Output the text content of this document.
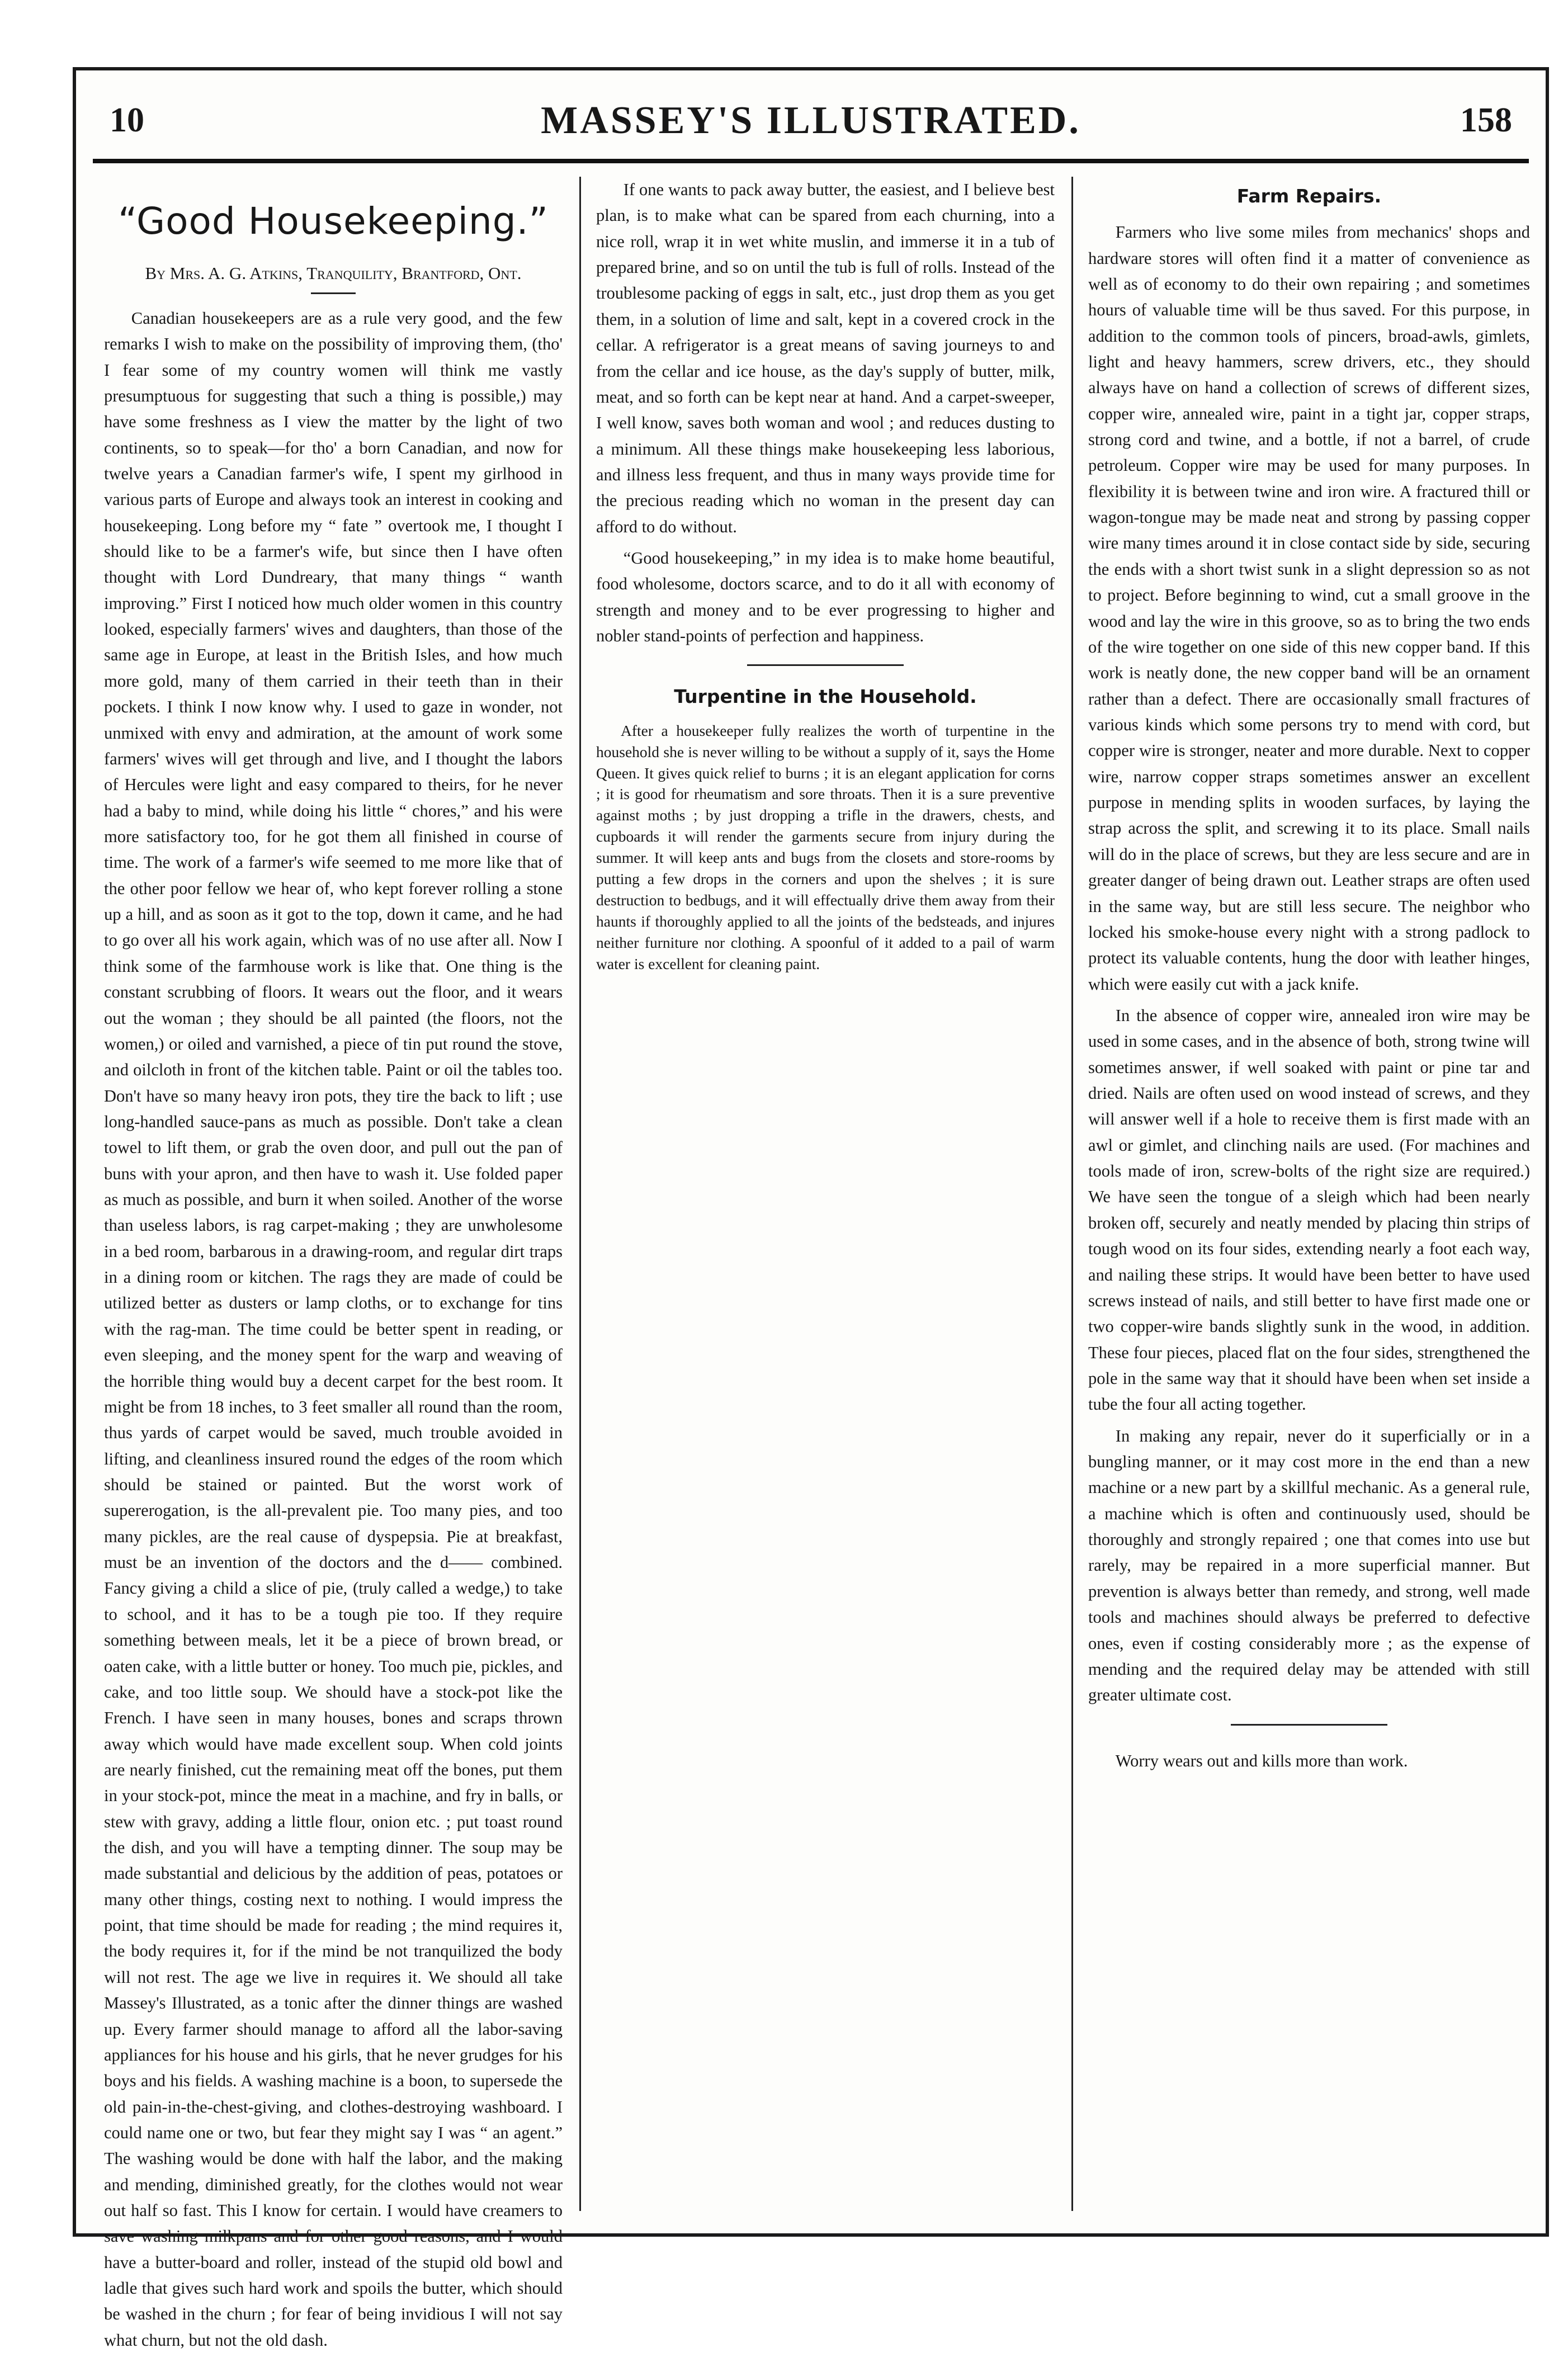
10	MASSEY'S ILLUSTRATED.	158
“Good Housekeeping.”

By Mrs. A. G. Atkins, Tranquility, Brantford, Ont.

Canadian housekeepers are as a rule very good, and the few remarks I wish to make on the possibility of improving them, (tho' I fear some of my country women will think me vastly presumptuous for suggesting that such a thing is possible,) may have some freshness as I view the matter by the light of two continents, so to speak—for tho' a born Canadian, and now for twelve years a Canadian farmer's wife, I spent my girlhood in various parts of Europe and always took an interest in cooking and housekeeping. Long before my “ fate ” overtook me, I thought I should like to be a farmer's wife, but since then I have often thought with Lord Dundreary, that many things “ wanth improving.” First I noticed how much older women in this country looked, especially farmers' wives and daughters, than those of the same age in Europe, at least in the British Isles, and how much more gold, many of them carried in their teeth than in their pockets. I think I now know why. I used to gaze in wonder, not unmixed with envy and admiration, at the amount of work some farmers' wives will get through and live, and I thought the labors of Hercules were light and easy compared to theirs, for he never had a baby to mind, while doing his little “ chores,” and his were more satisfactory too, for he got them all finished in course of time. The work of a farmer's wife seemed to me more like that of the other poor fellow we hear of, who kept forever rolling a stone up a hill, and as soon as it got to the top, down it came, and he had to go over all his work again, which was of no use after all. Now I think some of the farmhouse work is like that. One thing is the constant scrubbing of floors. It wears out the floor, and it wears out the woman ; they should be all painted (the floors, not the women,) or oiled and varnished, a piece of tin put round the stove, and oilcloth in front of the kitchen table. Paint or oil the tables too. Don't have so many heavy iron pots, they tire the back to lift ; use long-handled sauce-pans as much as possible. Don't take a clean towel to lift them, or grab the oven door, and pull out the pan of buns with your apron, and then have to wash it. Use folded paper as much as possible, and burn it when soiled. Another of the worse than useless labors, is rag carpet-making ; they are unwholesome in a bed room, barbarous in a drawing-room, and regular dirt traps in a dining room or kitchen. The rags they are made of could be utilized better as dusters or lamp cloths, or to exchange for tins with the rag-man. The time could be better spent in reading, or even sleeping, and the money spent for the warp and weaving of the horrible thing would buy a decent carpet for the best room. It might be from 18 inches, to 3 feet smaller all round than the room, thus yards of carpet would be saved, much trouble avoided in lifting, and cleanliness insured round the edges of the room which should be stained or painted. But the worst work of supererogation, is the all-prevalent pie. Too many pies, and too many pickles, are the real cause of dyspepsia. Pie at breakfast, must be an invention of the doctors and the d—— combined. Fancy giving a child a slice of pie, (truly called a wedge,) to take to school, and it has to be a tough pie too. If they require something between meals, let it be a piece of brown bread, or oaten cake, with a little butter or honey. Too much pie, pickles, and cake, and too little soup. We should have a stock-pot like the French. I have seen in many houses, bones and scraps thrown away which would have made excellent soup. When cold joints are nearly finished, cut the remaining meat off the bones, put them in your stock-pot, mince the meat in a machine, and fry in balls, or stew with gravy, adding a little flour, onion etc. ; put toast round the dish, and you will have a tempting dinner. The soup may be made substantial and delicious by the addition of peas, potatoes or many other things, costing next to nothing. I would impress the point, that time should be made for reading ; the mind requires it, the body requires it, for if the mind be not tranquilized the body will not rest. The age we live in requires it. We should all take Massey's Illustrated, as a tonic after the dinner things are washed up. Every farmer should manage to afford all the labor-saving appliances for his house and his girls, that he never grudges for his boys and his fields. A washing machine is a boon, to supersede the old pain-in-the-chest-giving, and clothes-destroying washboard. I could name one or two, but fear they might say I was “ an agent.” The washing would be done with half the labor, and the making and mending, diminished greatly, for the clothes would not wear out half so fast. This I know for certain. I would have creamers to save washing milkpans and for other good reasons, and I would have a butter-board and roller, instead of the stupid old bowl and ladle that gives such hard work and spoils the butter, which should be washed in the churn ; for fear of being invidious I will not say what churn, but not the old dash.

If one wants to pack away butter, the easiest, and I believe best plan, is to make what can be spared from each churning, into a nice roll, wrap it in wet white muslin, and immerse it in a tub of prepared brine, and so on until the tub is full of rolls. Instead of the troublesome packing of eggs in salt, etc., just drop them as you get them, in a solution of lime and salt, kept in a covered crock in the cellar. A refrigerator is a great means of saving journeys to and from the cellar and ice house, as the day's supply of butter, milk, meat, and so forth can be kept near at hand. And a carpet-sweeper, I well know, saves both woman and wool ; and reduces dusting to a minimum. All these things make housekeeping less laborious, and illness less frequent, and thus in many ways provide time for the precious reading which no woman in the present day can afford to do without.

“Good housekeeping,” in my idea is to make home beautiful, food wholesome, doctors scarce, and to do it all with economy of strength and money and to be ever progressing to higher and nobler stand-points of perfection and happiness.

Turpentine in the Household.

After a housekeeper fully realizes the worth of turpentine in the household she is never willing to be without a supply of it, says the Home Queen. It gives quick relief to burns ; it is an elegant application for corns ; it is good for rheumatism and sore throats. Then it is a sure preventive against moths ; by just dropping a trifle in the drawers, chests, and cupboards it will render the garments secure from injury during the summer. It will keep ants and bugs from the closets and store-rooms by putting a few drops in the corners and upon the shelves ; it is sure destruction to bedbugs, and it will effectually drive them away from their haunts if thoroughly applied to all the joints of the bedsteads, and injures neither furniture nor clothing. A spoonful of it added to a pail of warm water is excellent for cleaning paint.

Farm Repairs.

Farmers who live some miles from mechanics' shops and hardware stores will often find it a matter of convenience as well as of economy to do their own repairing ; and sometimes hours of valuable time will be thus saved. For this purpose, in addition to the common tools of pincers, broad-awls, gimlets, light and heavy hammers, screw drivers, etc., they should always have on hand a collection of screws of different sizes, copper wire, annealed wire, paint in a tight jar, copper straps, strong cord and twine, and a bottle, if not a barrel, of crude petroleum. Copper wire may be used for many purposes. In flexibility it is between twine and iron wire. A fractured thill or wagon-tongue may be made neat and strong by passing copper wire many times around it in close contact side by side, securing the ends with a short twist sunk in a slight depression so as not to project. Before beginning to wind, cut a small groove in the wood and lay the wire in this groove, so as to bring the two ends of the wire together on one side of this new copper band. If this work is neatly done, the new copper band will be an ornament rather than a defect. There are occasionally small fractures of various kinds which some persons try to mend with cord, but copper wire is stronger, neater and more durable. Next to copper wire, narrow copper straps sometimes answer an excellent purpose in mending splits in wooden surfaces, by laying the strap across the split, and screwing it to its place. Small nails will do in the place of screws, but they are less secure and are in greater danger of being drawn out. Leather straps are often used in the same way, but are still less secure. The neighbor who locked his smoke-house every night with a strong padlock to protect its valuable contents, hung the door with leather hinges, which were easily cut with a jack knife.

In the absence of copper wire, annealed iron wire may be used in some cases, and in the absence of both, strong twine will sometimes answer, if well soaked with paint or pine tar and dried. Nails are often used on wood instead of screws, and they will answer well if a hole to receive them is first made with an awl or gimlet, and clinching nails are used. (For machines and tools made of iron, screw-bolts of the right size are required.) We have seen the tongue of a sleigh which had been nearly broken off, securely and neatly mended by placing thin strips of tough wood on its four sides, extending nearly a foot each way, and nailing these strips. It would have been better to have used screws instead of nails, and still better to have first made one or two copper-wire bands slightly sunk in the wood, in addition. These four pieces, placed flat on the four sides, strengthened the pole in the same way that it should have been when set inside a tube the four all acting together.

In making any repair, never do it superficially or in a bungling manner, or it may cost more in the end than a new machine or a new part by a skillful mechanic. As a general rule, a machine which is often and continuously used, should be thoroughly and strongly repaired ; one that comes into use but rarely, may be repaired in a more superficial manner. But prevention is always better than remedy, and strong, well made tools and machines should always be preferred to defective ones, even if costing considerably more ; as the expense of mending and the required delay may be attended with still greater ultimate cost.

Worry wears out and kills more than work.
